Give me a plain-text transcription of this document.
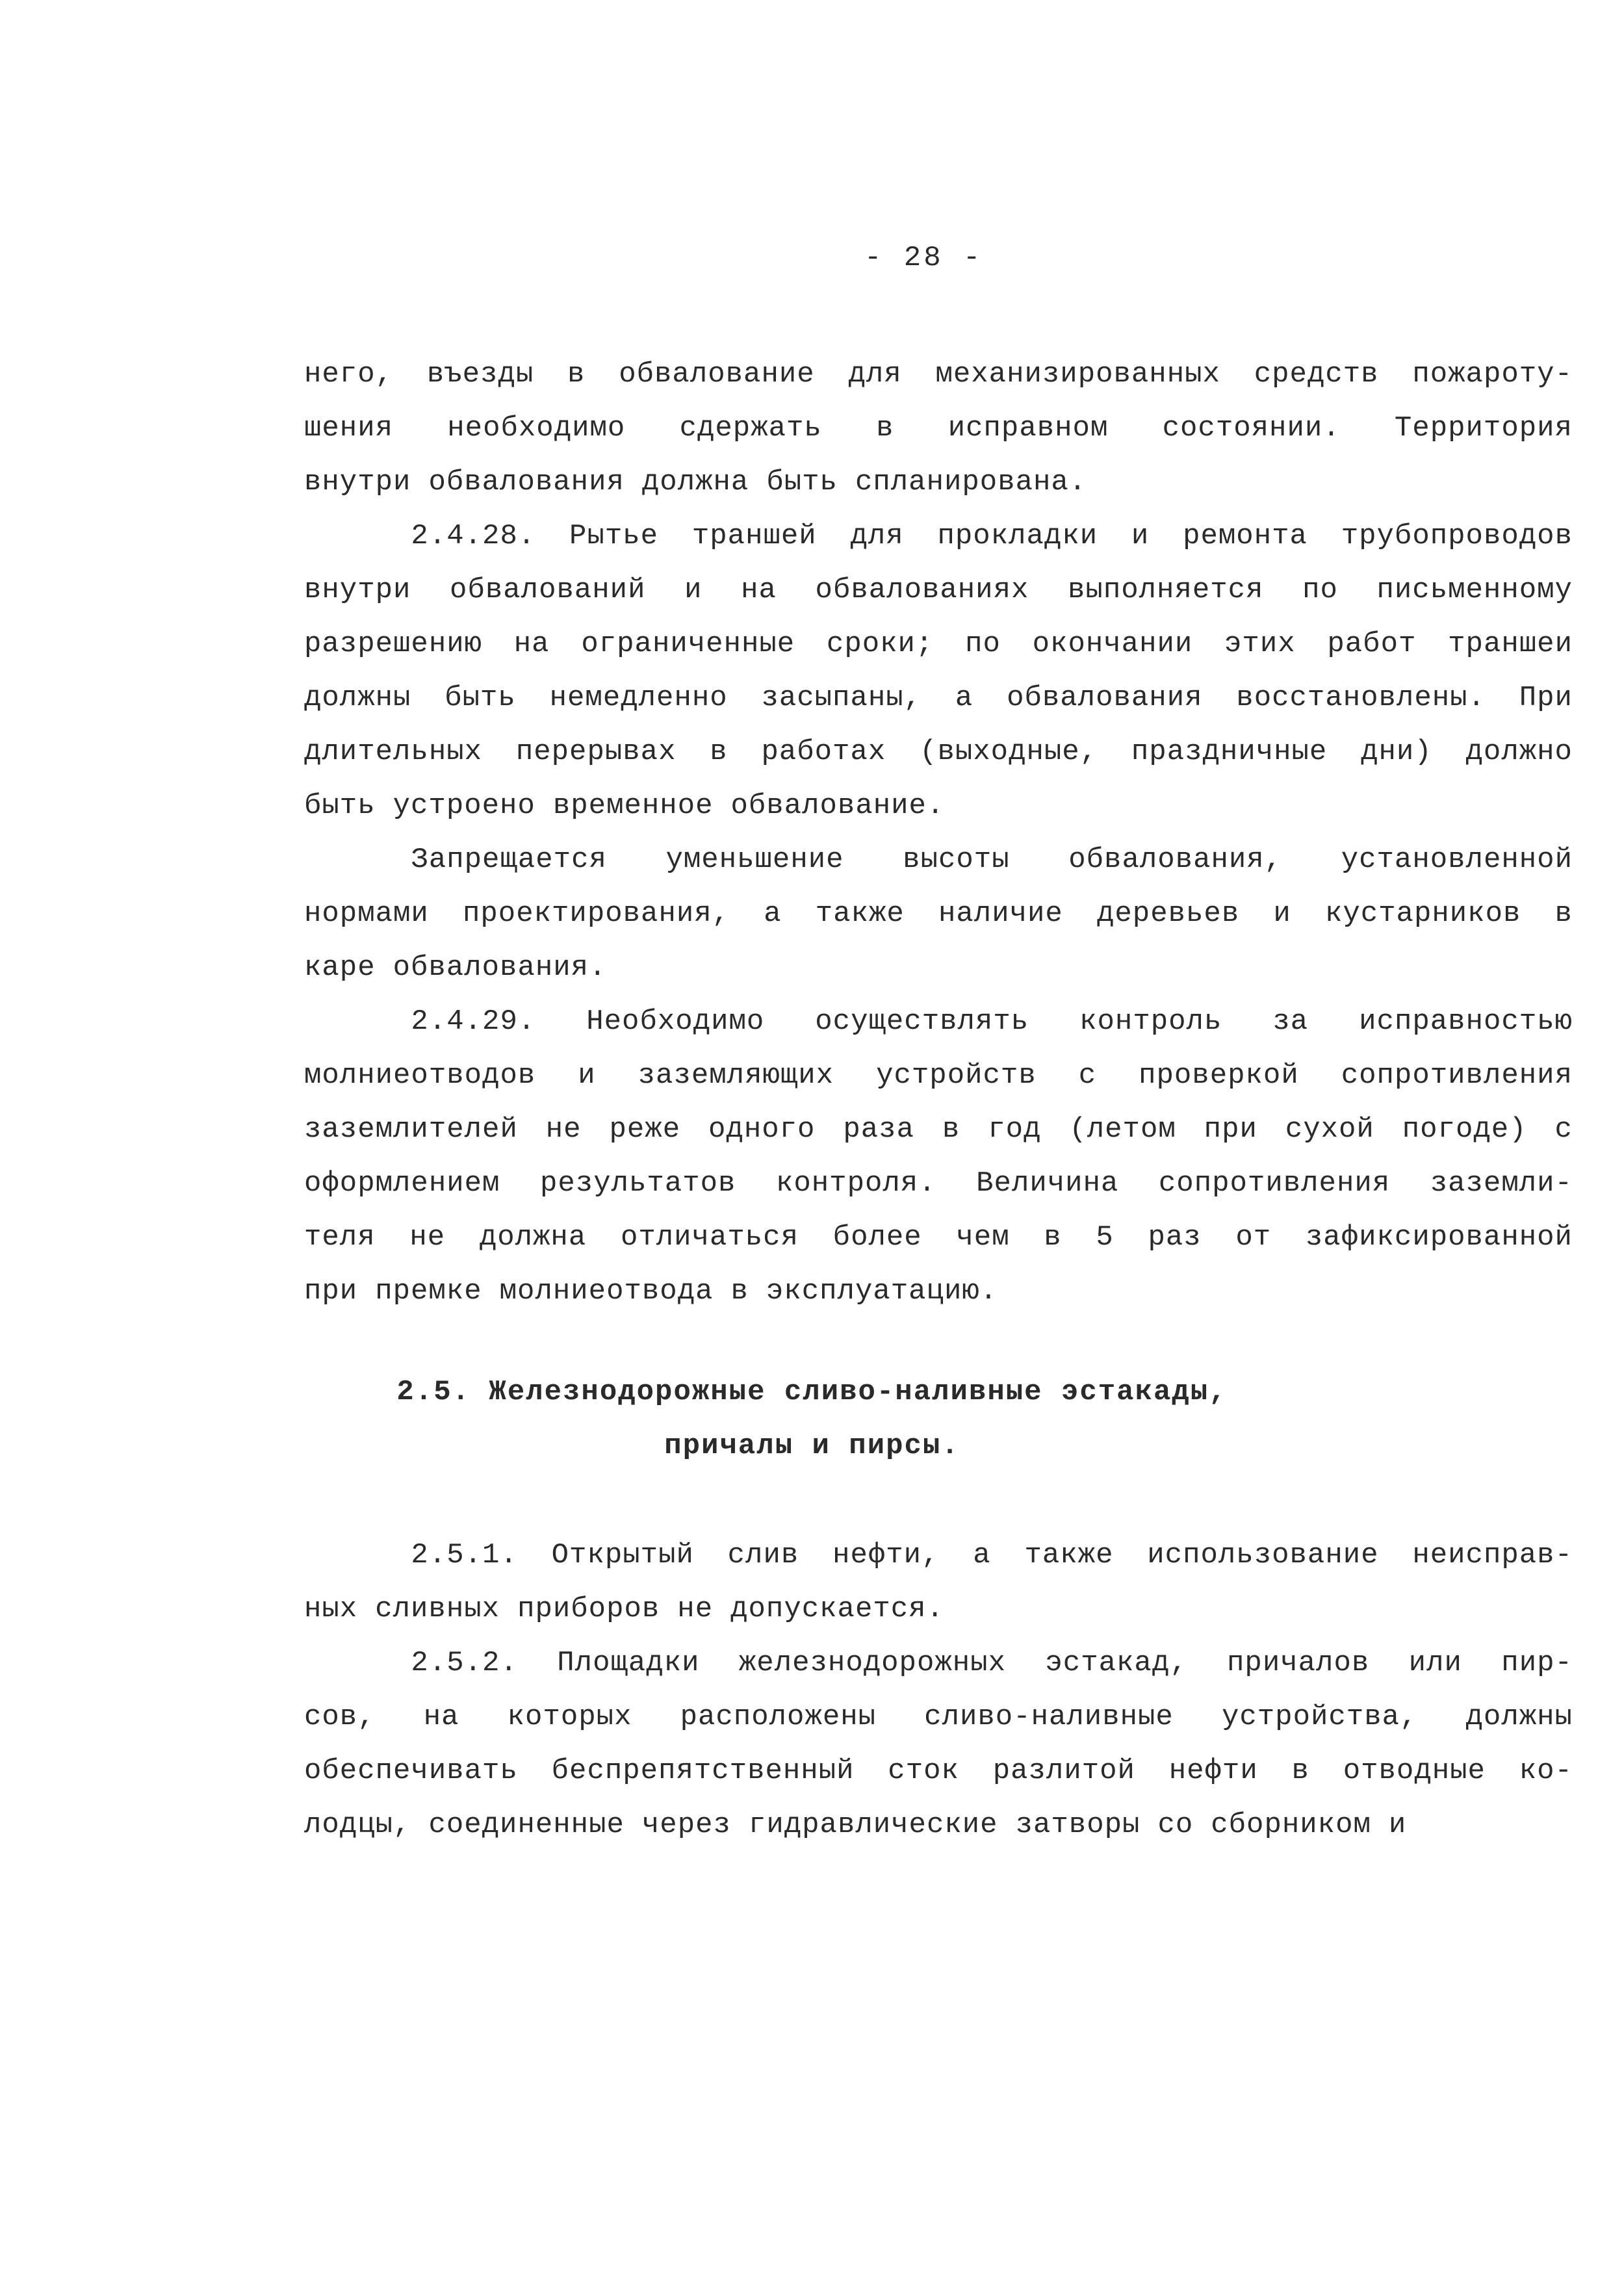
- 28 -
него, въезды в обвалование для механизированных средств пожароту-
шения необходимо сдержать в исправном состоянии. Территория
внутри обвалования должна быть спланирована.
2.4.28. Рытье траншей для прокладки и ремонта трубопроводов
внутри обвалований и на обвалованиях выполняется по письменному
разрешению на ограниченные сроки; по окончании этих работ траншеи
должны быть немедленно засыпаны, а обвалования восстановлены. При
длительных перерывах в работах (выходные, праздничные дни) должно
быть устроено временное обвалование.
Запрещается уменьшение высоты обвалования, установленной
нормами проектирования, а также наличие деревьев и кустарников в
каре обвалования.
2.4.29. Необходимо осуществлять контроль за исправностью
молниеотводов и заземляющих устройств с проверкой сопротивления
заземлителей не реже одного раза в год (летом при сухой погоде) с
оформлением результатов контроля. Величина сопротивления заземли-
теля не должна отличаться более чем в 5 раз от зафиксированной
при премке молниеотвода в эксплуатацию.
2.5. Железнодорожные сливо-наливные эстакады,
причалы и пирсы.
2.5.1. Открытый слив нефти, а также использование неисправ-
ных сливных приборов не допускается.
2.5.2. Площадки железнодорожных эстакад, причалов или пир-
сов, на которых расположены сливо-наливные устройства, должны
обеспечивать беспрепятственный сток разлитой нефти в отводные ко-
лодцы, соединенные через гидравлические затворы со сборником и
